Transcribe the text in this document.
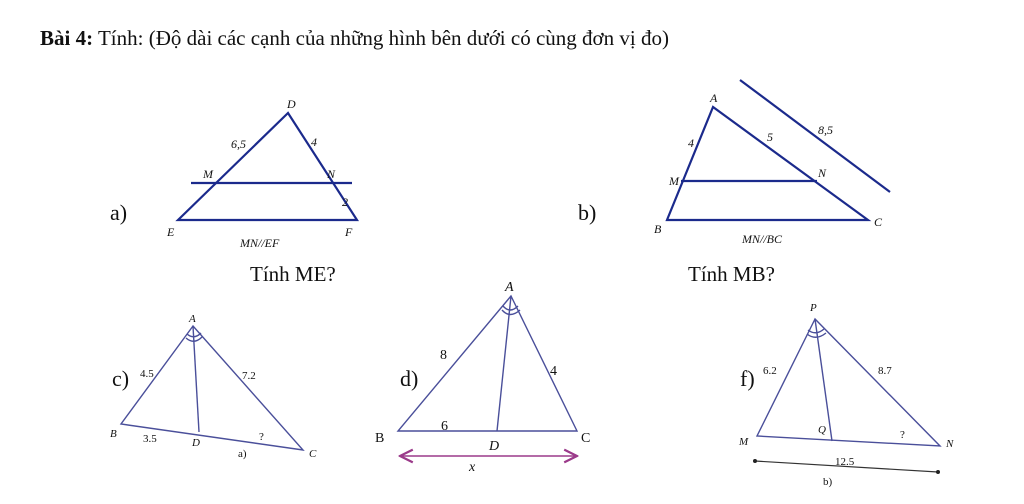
Bài 4: Tính: (Độ dài các cạnh của những hình bên dưới có cùng đơn vị đo)
a)	b)
c)	d)	f)
Tính ME?	Tính MB?
D
M	N
E	F
6,5	4
2
MN//EF
A
M
N
B	C
4	5	8,5
MN//BC
A
B
D
C
4.5	7.2
3.5	?
a)
A
B
D
C
8
4
6
x
P
M
Q
N
6.2	8.7
?
12.5
b)
